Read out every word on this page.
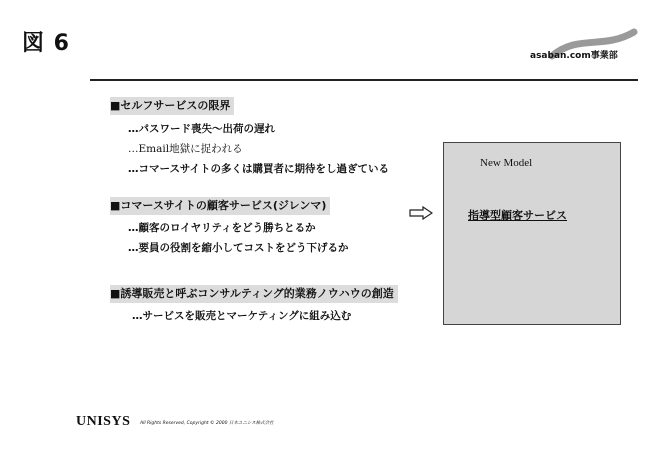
図 6	asaban.com事業部
■セルフサービスの限界
…パスワード喪失～出荷の遅れ
…Email地獄に捉われる
…コマースサイトの多くは購買者に期待をし過ぎている
■コマースサイトの顧客サービス(ジレンマ)
…顧客のロイヤリティをどう勝ちとるか
…要員の役割を縮小してコストをどう下げるか
■誘導販売と呼ぶコンサルティング的業務ノウハウの創造
…サービスを販売とマーケティングに組み込む
New Model
指導型顧客サービス
UNISYS All Rights Reserved, Copyright © 2000 日本ユニシス株式会社
